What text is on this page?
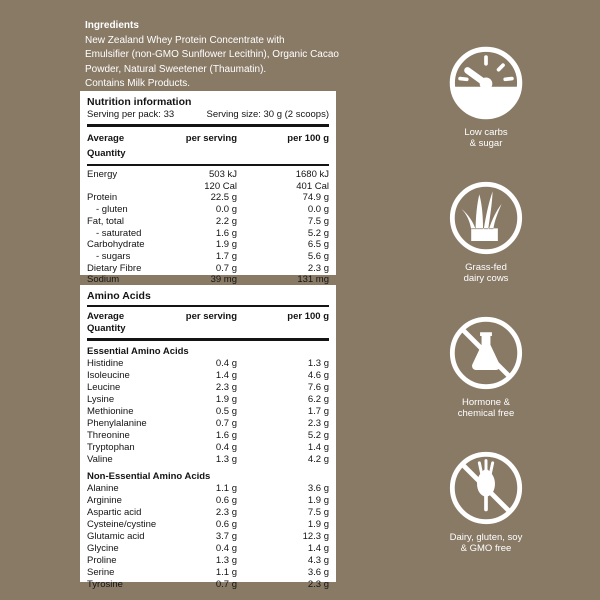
Ingredients
New Zealand Whey Protein Concentrate with
Emulsifier (non-GMO Sunflower Lecithin), Organic Cacao
Powder, Natural Sweetener (Thaumatin).
Contains Milk Products.
Nutrition information
Serving per pack: 33	Serving size: 30 g (2 scoops)
Average Quantity
per serving	per 100 g
Energy	503 kJ	1680 kJ

120 Cal	401 Cal
Protein	22.5 g	74.9 g
- gluten	0.0 g	0.0 g
Fat, total	2.2 g	7.5 g
- saturated	1.6 g	5.2 g
Carbohydrate	1.9 g	6.5 g
- sugars	1.7 g	5.6 g
Dietary Fibre	0.7 g	2.3 g
Sodium	39 mg	131 mg
Amino Acids
Average Quantity
per serving	per 100 g
Essential Amino Acids
Histidine	0.4 g	1.3 g
Isoleucine	1.4 g	4.6 g
Leucine	2.3 g	7.6 g
Lysine	1.9 g	6.2 g
Methionine	0.5 g	1.7 g
Phenylalanine	0.7 g	2.3 g
Threonine	1.6 g	5.2 g
Tryptophan	0.4 g	1.4 g
Valine	1.3 g	4.2 g
Non-Essential Amino Acids
Alanine	1.1 g	3.6 g
Arginine	0.6 g	1.9 g
Aspartic acid	2.3 g	7.5 g
Cysteine/cystine	0.6 g	1.9 g
Glutamic acid	3.7 g	12.3 g
Glycine	0.4 g	1.4 g
Proline	1.3 g	4.3 g
Serine	1.1 g	3.6 g
Tyrosine	0.7 g	2.3 g
Low carbs
& sugar
Grass-fed
dairy cows
Hormone &
chemical free
Dairy, gluten, soy
& GMO free
